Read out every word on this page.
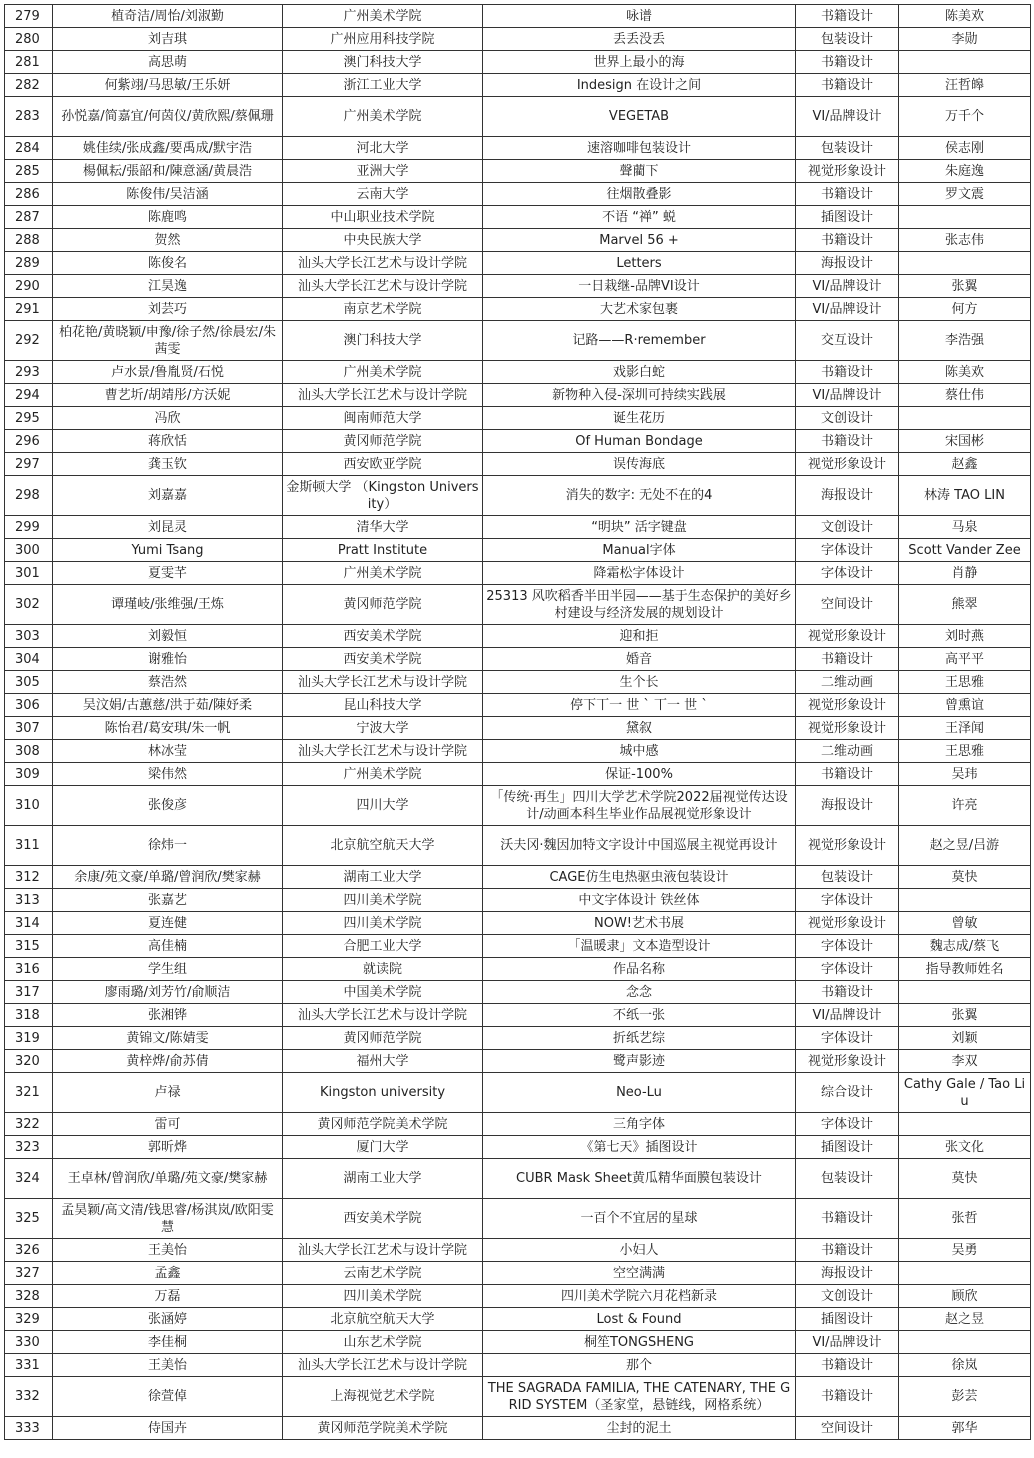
279	植奇洁/周怡/刘淑勤	广州美术学院	咏谱	书籍设计	陈美欢
280	刘吉琪	广州应用科技学院	丢丢没丢	包装设计	李勋
281	高思萌	澳门科技大学	世界上最小的海	书籍设计	
282	何紫翊/马思敏/王乐妍	浙江工业大学	Indesign 在设计之间	书籍设计	汪哲皞
283	孙悦嘉/简嘉宜/何茵仪/黄欣熙/蔡佩珊	广州美术学院	VEGETAB	VI/品牌设计	万千个
284	姚佳续/张成鑫/要禹成/默宇浩	河北大学	速溶咖啡包装设计	包装设计	侯志刚
285	楊佩耘/張韶和/陳意涵/黄晨浩	亚洲大学	聲藺下	视觉形象设计	朱庭逸
286	陈俊伟/吴洁涵	云南大学	往烟散叠影	书籍设计	罗文震
287	陈鹿鸣	中山职业技术学院	不语 “禅” 蜕	插图设计	
288	贺然	中央民族大学	Marvel 56 +	书籍设计	张志伟
289	陈俊名	汕头大学长江艺术与设计学院	Letters	海报设计	
290	江昊逸	汕头大学长江艺术与设计学院	一日栽继-品牌VI设计	VI/品牌设计	张翼
291	刘芸巧	南京艺术学院	大艺术家包裹	VI/品牌设计	何方
292	柏花艳/黄晓颖/申豫/徐子然/徐晨宏/朱茜雯	澳门科技大学	记路——R·remember	交互设计	李浩强
293	卢水景/鲁胤贤/石悦	广州美术学院	戏影白蛇	书籍设计	陈美欢
294	曹艺圻/胡靖彤/方沃妮	汕头大学长江艺术与设计学院	新物种入侵-深圳可持续实践展	VI/品牌设计	蔡仕伟
295	冯欣	闽南师范大学	诞生花历	文创设计	
296	蒋欣恬	黄冈师范学院	Of Human Bondage	书籍设计	宋国彬
297	龚玉钦	西安欧亚学院	误传海底	视觉形象设计	赵鑫
298	刘嘉嘉	金斯顿大学 （Kingston University）	消失的数字: 无处不在的4	海报设计	林涛 TAO LIN
299	刘昆灵	清华大学	“明块” 活字键盘	文创设计	马泉
300	Yumi Tsang	Pratt Institute	Manual字体	字体设计	Scott Vander Zee
301	夏雯芊	广州美术学院	降霜松字体设计	字体设计	肖静
302	谭瑾岐/张维强/王炼	黄冈师范学院	25313 风吹稻香半田半园——基于生态保护的美好乡村建设与经济发展的规划设计	空间设计	熊翠
303	刘毅恒	西安美术学院	迎和拒	视觉形象设计	刘时燕
304	谢雅怡	西安美术学院	婚音	书籍设计	高平平
305	蔡浩然	汕头大学长江艺术与设计学院	生个长	二维动画	王思雅
306	吴汶娟/古蕙慈/洪于茹/陳妤柔	昆山科技大学	停下丅一 世 ` 丅一 世 `	视觉形象设计	曾熏谊
307	陈怡君/葛安琪/朱一帆	宁波大学	黛叙	视觉形象设计	王泽闻
308	林冰莹	汕头大学长江艺术与设计学院	城中感	二维动画	王思雅
309	梁伟然	广州美术学院	保证-100%	书籍设计	吴玮
310	张俊彦	四川大学	「传统·再生」四川大学艺术学院2022届视觉传达设计/动画本科生毕业作品展视觉形象设计	海报设计	许亮
311	徐炜一	北京航空航天大学	沃夫冈·魏因加特文字设计中国巡展主视觉再设计	视觉形象设计	赵之昱/吕游
312	余康/苑文豪/单璐/曾润欣/樊家赫	湖南工业大学	CAGE仿生电热驱虫液包装设计	包装设计	莫快
313	张嘉艺	四川美术学院	中文字体设计 铁丝体	字体设计	
314	夏连健	四川美术学院	NOW!艺术书展	视觉形象设计	曾敏
315	高佳楠	合肥工业大学	「温暖隶」文本造型设计	字体设计	魏志成/蔡飞
316	学生组	就读院	作品名称	字体设计	指导教师姓名
317	廖雨璐/刘芳竹/俞顺洁	中国美术学院	念念	书籍设计	
318	张湘铧	汕头大学长江艺术与设计学院	不纸一张	VI/品牌设计	张翼
319	黄锦文/陈婧雯	黄冈师范学院	折纸艺综	字体设计	刘颖
320	黄梓烨/俞苏倩	福州大学	鹭声影迹	视觉形象设计	李双
321	卢禄	Kingston university	Neo-Lu	综合设计	Cathy Gale / Tao Liu
322	雷可	黄冈师范学院美术学院	三角字体	字体设计	
323	郭昕烨	厦门大学	《第七天》插图设计	插图设计	张文化
324	王卓林/曾润欣/单璐/苑文豪/樊家赫	湖南工业大学	CUBR Mask Sheet黄瓜精华面膜包装设计	包装设计	莫快
325	孟昊颖/高文清/钱思睿/杨淇岚/欧阳雯慧	西安美术学院	一百个不宜居的星球	书籍设计	张哲
326	王美怡	汕头大学长江艺术与设计学院	小妇人	书籍设计	吴勇
327	孟鑫	云南艺术学院	空空满满	海报设计	
328	万磊	四川美术学院	四川美术学院六月花档新录	文创设计	顾欣
329	张涵婷	北京航空航天大学	Lost & Found	插图设计	赵之昱
330	李佳桐	山东艺术学院	桐笙TONGSHENG	VI/品牌设计	
331	王美怡	汕头大学长江艺术与设计学院	那个	书籍设计	徐岚
332	徐萱倬	上海视觉艺术学院	THE SAGRADA FAMILIA, THE CATENARY, THE GRID SYSTEM（圣家堂，悬链线，网格系统）	书籍设计	彭芸
333	侍国卉	黄冈师范学院美术学院	尘封的泥土	空间设计	郭华
